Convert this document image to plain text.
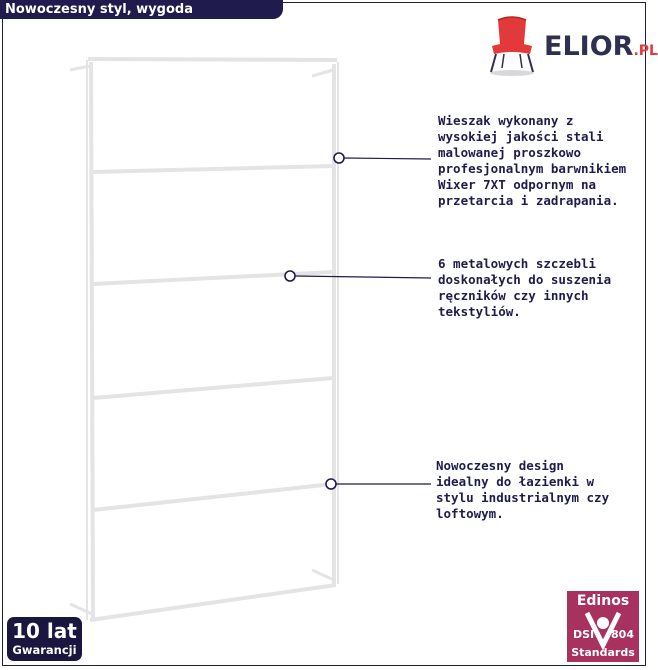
Nowoczesny styl, wygoda użytkowania!
ELIOR.PL
Wieszak wykonany z
wysokiej jakości stali
malowanej proszkowo
profesjonalnym barwnikiem
Wixer 7XT odpornym na
przetarcia i zadrapania.
6 metalowych szczebli
doskonałych do suszenia
ręczników czy innych
tekstyliów.
Nowoczesny design
idealny do łazienki w
stylu industrialnym czy
loftowym.
10 lat
Gwarancji
Edinos
DSI 804
Standards
